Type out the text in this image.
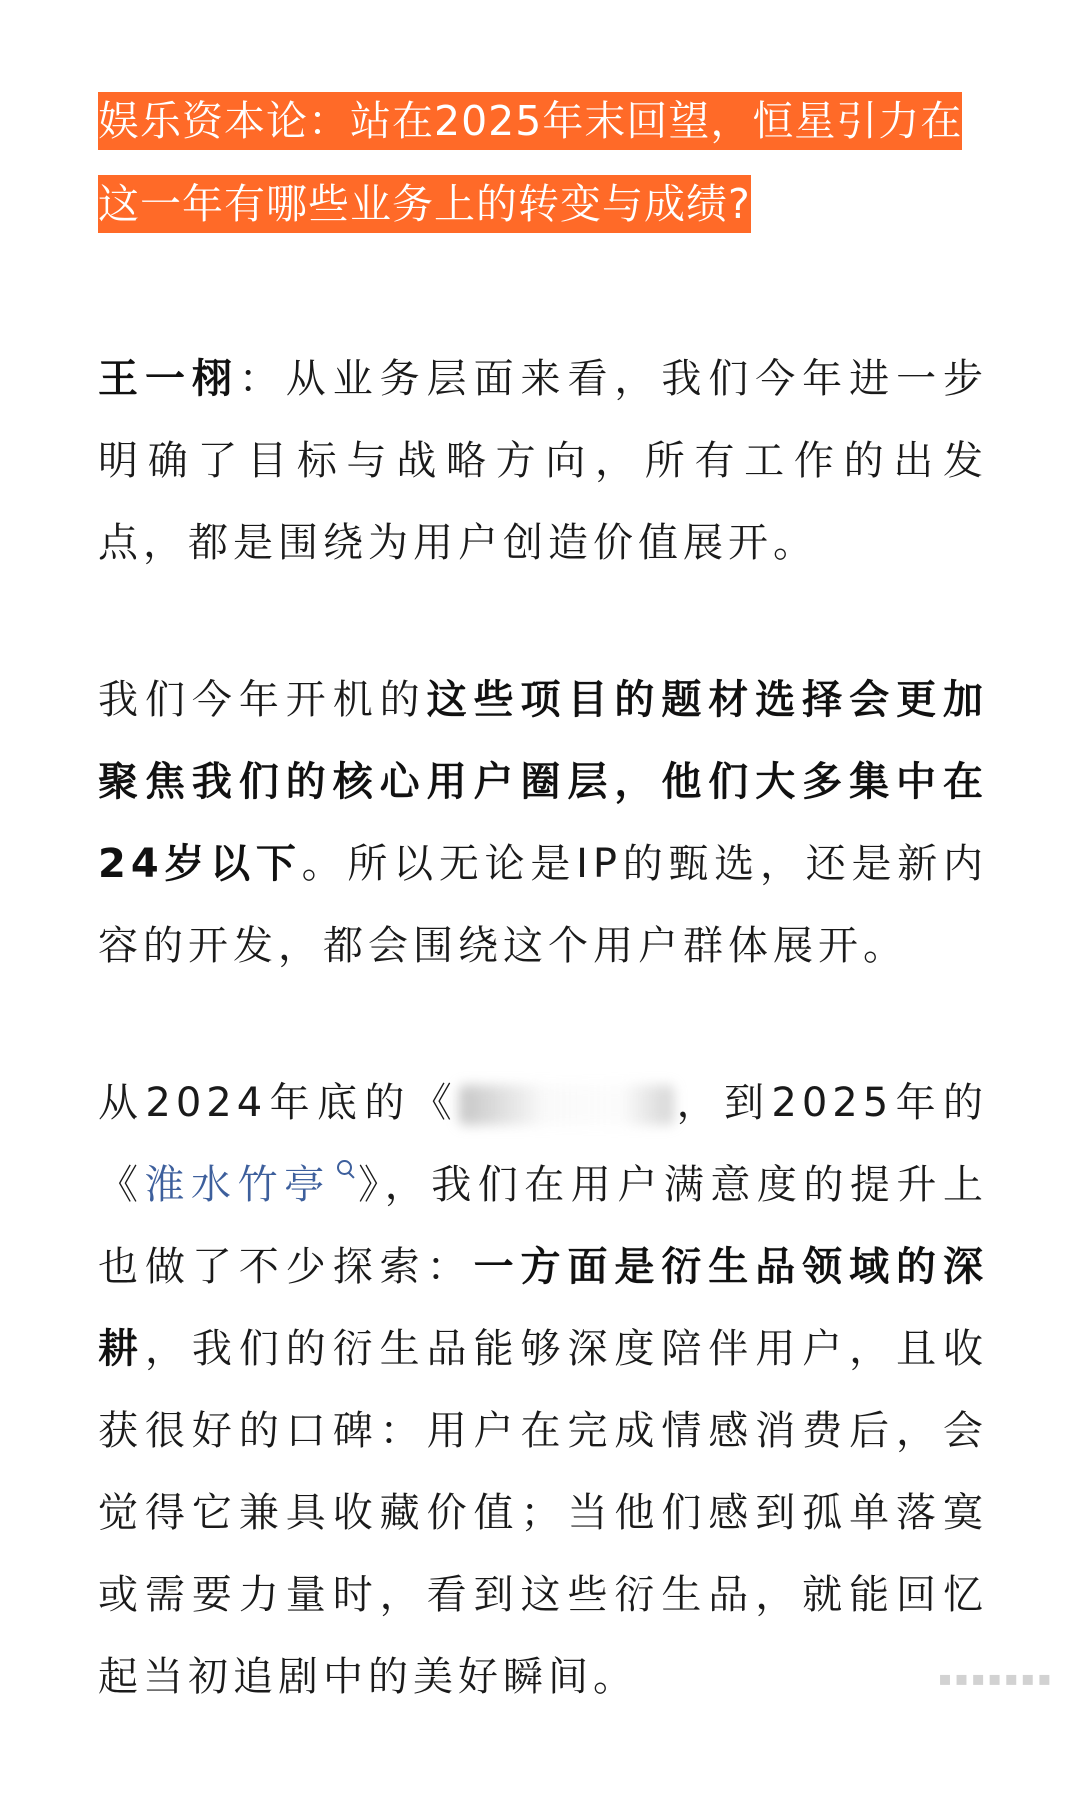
娱乐资本论：站在2025年末回望，恒星引力在这一年有哪些业务上的转变与成绩?

王一栩：从业务层面来看，我们今年进一步明确了目标与战略方向，所有工作的出发点，都是围绕为用户创造价值展开。

我们今年开机的这些项目的题材选择会更加聚焦我们的核心用户圈层，他们大多集中在24岁以下。所以无论是IP的甄选，还是新内容的开发，都会围绕这个用户群体展开。

从2024年底的《	，到2025年的《淮水竹亭 》，我们在用户满意度的提升上也做了不少探索：一方面是衍生品领域的深耕，我们的衍生品能够深度陪伴用户，且收获很好的口碑：用户在完成情感消费后，会觉得它兼具收藏价值；当他们感到孤单落寞或需要力量时，看到这些衍生品，就能回忆起当初追剧中的美好瞬间。	▪▪▪▪▪▪▪
